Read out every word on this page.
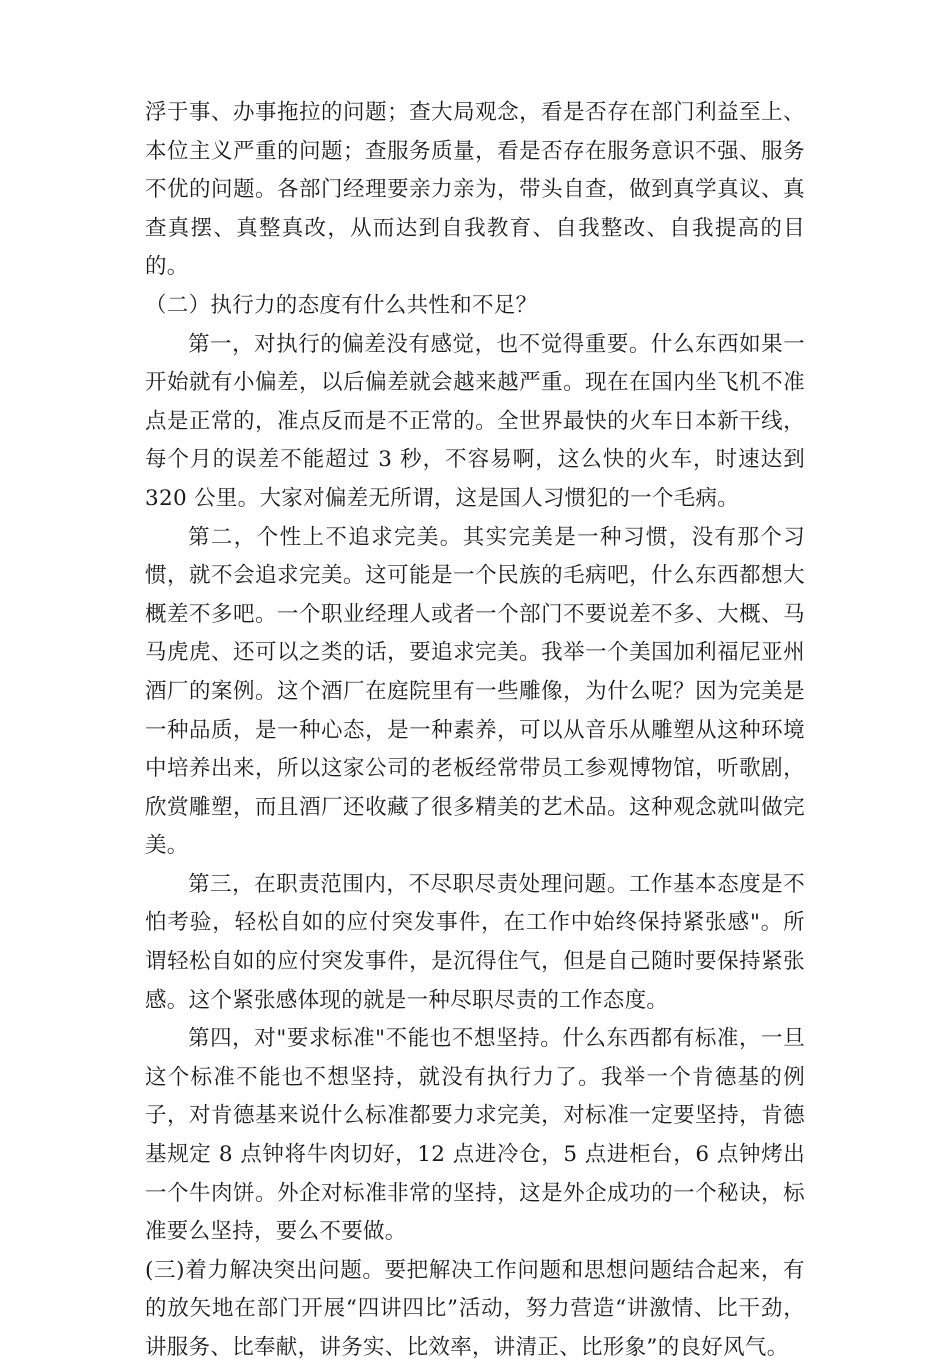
浮于事、办事拖拉的问题；查大局观念，看是否存在部门利益至上、本位主义严重的问题；查服务质量，看是否存在服务意识不强、服务不优的问题。各部门经理要亲力亲为，带头自查，做到真学真议、真查真摆、真整真改，从而达到自我教育、自我整改、自我提高的目的。

（二）执行力的态度有什么共性和不足？

第一，对执行的偏差没有感觉，也不觉得重要。什么东西如果一开始就有小偏差，以后偏差就会越来越严重。现在在国内坐飞机不准点是正常的，准点反而是不正常的。全世界最快的火车日本新干线，每个月的误差不能超过 3 秒，不容易啊，这么快的火车，时速达到 320 公里。大家对偏差无所谓，这是国人习惯犯的一个毛病。

第二，个性上不追求完美。其实完美是一种习惯，没有那个习惯，就不会追求完美。这可能是一个民族的毛病吧，什么东西都想大概差不多吧。一个职业经理人或者一个部门不要说差不多、大概、马马虎虎、还可以之类的话，要追求完美。我举一个美国加利福尼亚州酒厂的案例。这个酒厂在庭院里有一些雕像，为什么呢？因为完美是一种品质，是一种心态，是一种素养，可以从音乐从雕塑从这种环境中培养出来，所以这家公司的老板经常带员工参观博物馆，听歌剧，欣赏雕塑，而且酒厂还收藏了很多精美的艺术品。这种观念就叫做完美。

第三，在职责范围内，不尽职尽责处理问题。工作基本态度是不怕考验，轻松自如的应付突发事件，在工作中始终保持紧张感"。所谓轻松自如的应付突发事件，是沉得住气，但是自己随时要保持紧张感。这个紧张感体现的就是一种尽职尽责的工作态度。

第四，对"要求标准"不能也不想坚持。什么东西都有标准，一旦这个标准不能也不想坚持，就没有执行力了。我举一个肯德基的例子，对肯德基来说什么标准都要力求完美，对标准一定要坚持，肯德基规定 8 点钟将牛肉切好，12 点进冷仓，5 点进柜台，6 点钟烤出一个牛肉饼。外企对标准非常的坚持，这是外企成功的一个秘诀，标准要么坚持，要么不要做。

(三)着力解决突出问题。要把解决工作问题和思想问题结合起来，有的放矢地在部门开展“四讲四比”活动，努力营造“讲激情、比干劲，讲服务、比奉献，讲务实、比效率，讲清正、比形象”的良好风气。
